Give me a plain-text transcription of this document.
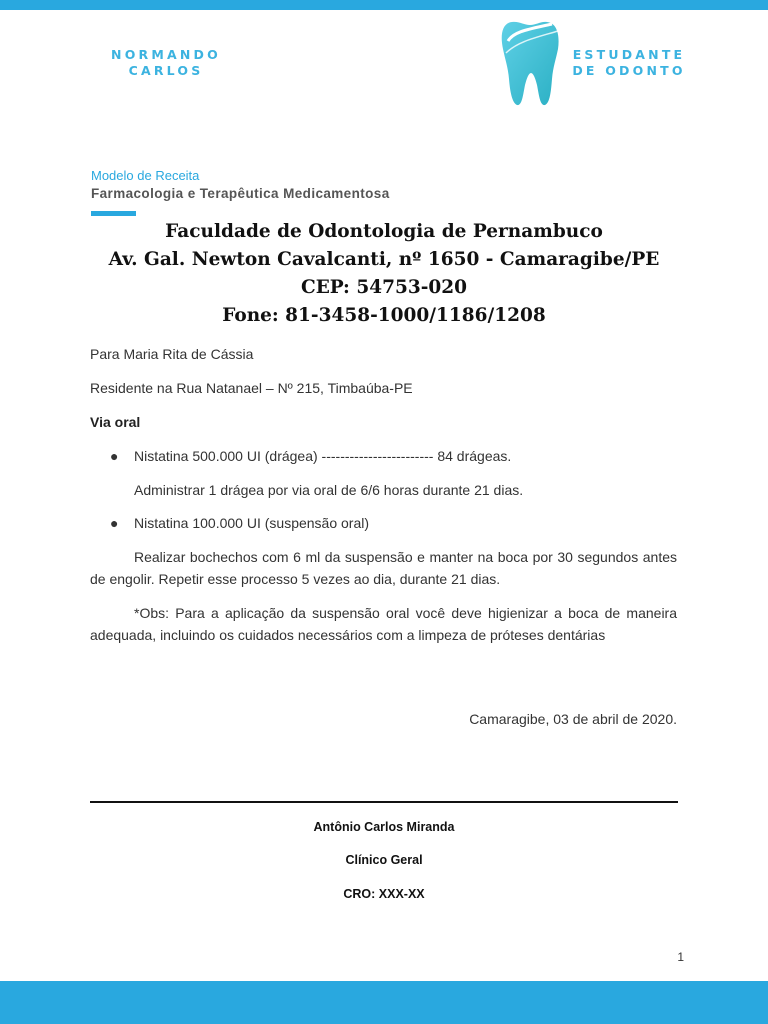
NORMANDO
CARLOS
ESTUDANTE
DE ODONTO
Modelo de Receita
Farmacologia e Terapêutica Medicamentosa
Faculdade de Odontologia de Pernambuco
Av. Gal. Newton Cavalcanti, nº 1650 - Camaragibe/PE
CEP: 54753-020
Fone: 81-3458-1000/1186/1208
Para Maria Rita de Cássia
Residente na Rua Natanael – Nº 215, Timbaúba-PE
Via oral
● Nistatina 500.000 UI (drágea) ------------------------ 84 drágeas.
Administrar 1 drágea por via oral de 6/6 horas durante 21 dias.
● Nistatina 100.000 UI (suspensão oral)
Realizar bochechos com 6 ml da suspensão e manter na boca por 30 segundos antes de engolir. Repetir esse processo 5 vezes ao dia, durante 21 dias.
*Obs: Para a aplicação da suspensão oral você deve higienizar a boca de maneira adequada, incluindo os cuidados necessários com a limpeza de próteses dentárias
Camaragibe, 03 de abril de 2020.
Antônio Carlos Miranda
Clínico Geral
CRO: XXX-XX
1
